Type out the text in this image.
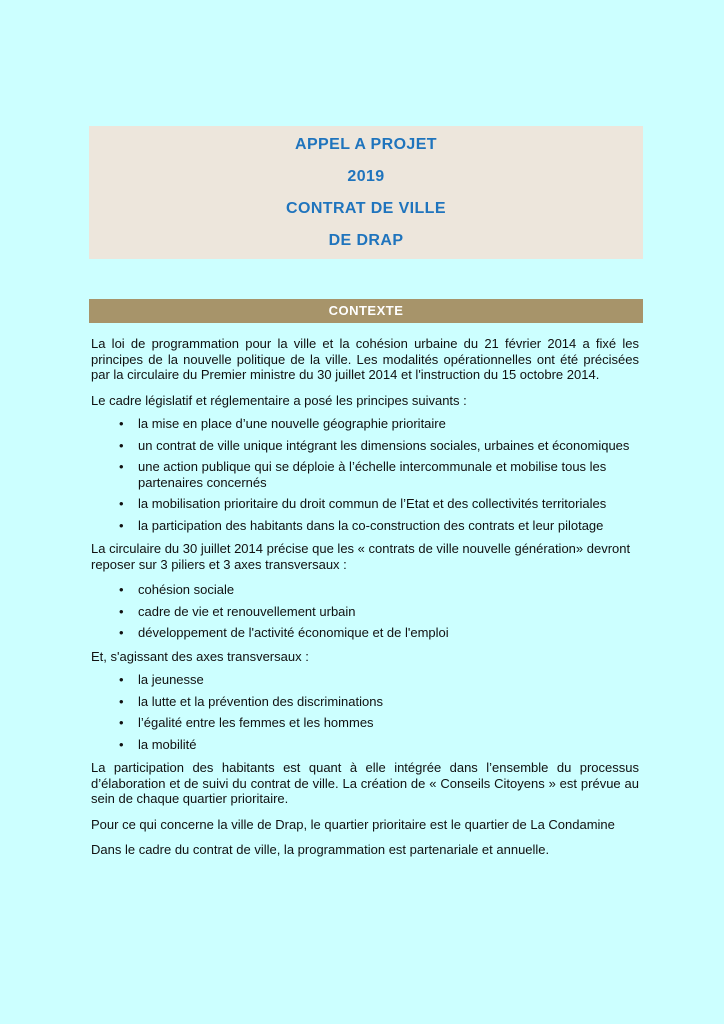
APPEL A PROJET
2019
CONTRAT DE VILLE
DE DRAP
CONTEXTE

La loi de programmation pour la ville et la cohésion urbaine du 21 février 2014 a fixé les principes de la nouvelle politique de la ville. Les modalités opérationnelles ont été précisées par la circulaire du Premier ministre du 30 juillet 2014 et l'instruction du 15 octobre 2014.

Le cadre législatif et réglementaire a posé les principes suivants :

• la mise en place d’une nouvelle géographie prioritaire
• un contrat de ville unique intégrant les dimensions sociales, urbaines et économiques
• une action publique qui se déploie à l’échelle intercommunale et mobilise tous les partenaires concernés
• la mobilisation prioritaire du droit commun de l’Etat et des collectivités territoriales
• la participation des habitants dans la co-construction des contrats et leur pilotage

La circulaire du 30 juillet 2014 précise que les « contrats de ville nouvelle génération» devront reposer sur 3 piliers et 3 axes transversaux :

• cohésion sociale
• cadre de vie et renouvellement urbain
• développement de l'activité économique et de l'emploi

Et, s'agissant des axes transversaux :

• la jeunesse
• la lutte et la prévention des discriminations
• l’égalité entre les femmes et les hommes
• la mobilité

La participation des habitants est quant à elle intégrée dans l’ensemble du processus d’élaboration et de suivi du contrat de ville. La création de « Conseils Citoyens » est prévue au sein de chaque quartier prioritaire.

Pour ce qui concerne la ville de Drap, le quartier prioritaire est le quartier de La Condamine

Dans le cadre du contrat de ville, la programmation est partenariale et annuelle.
